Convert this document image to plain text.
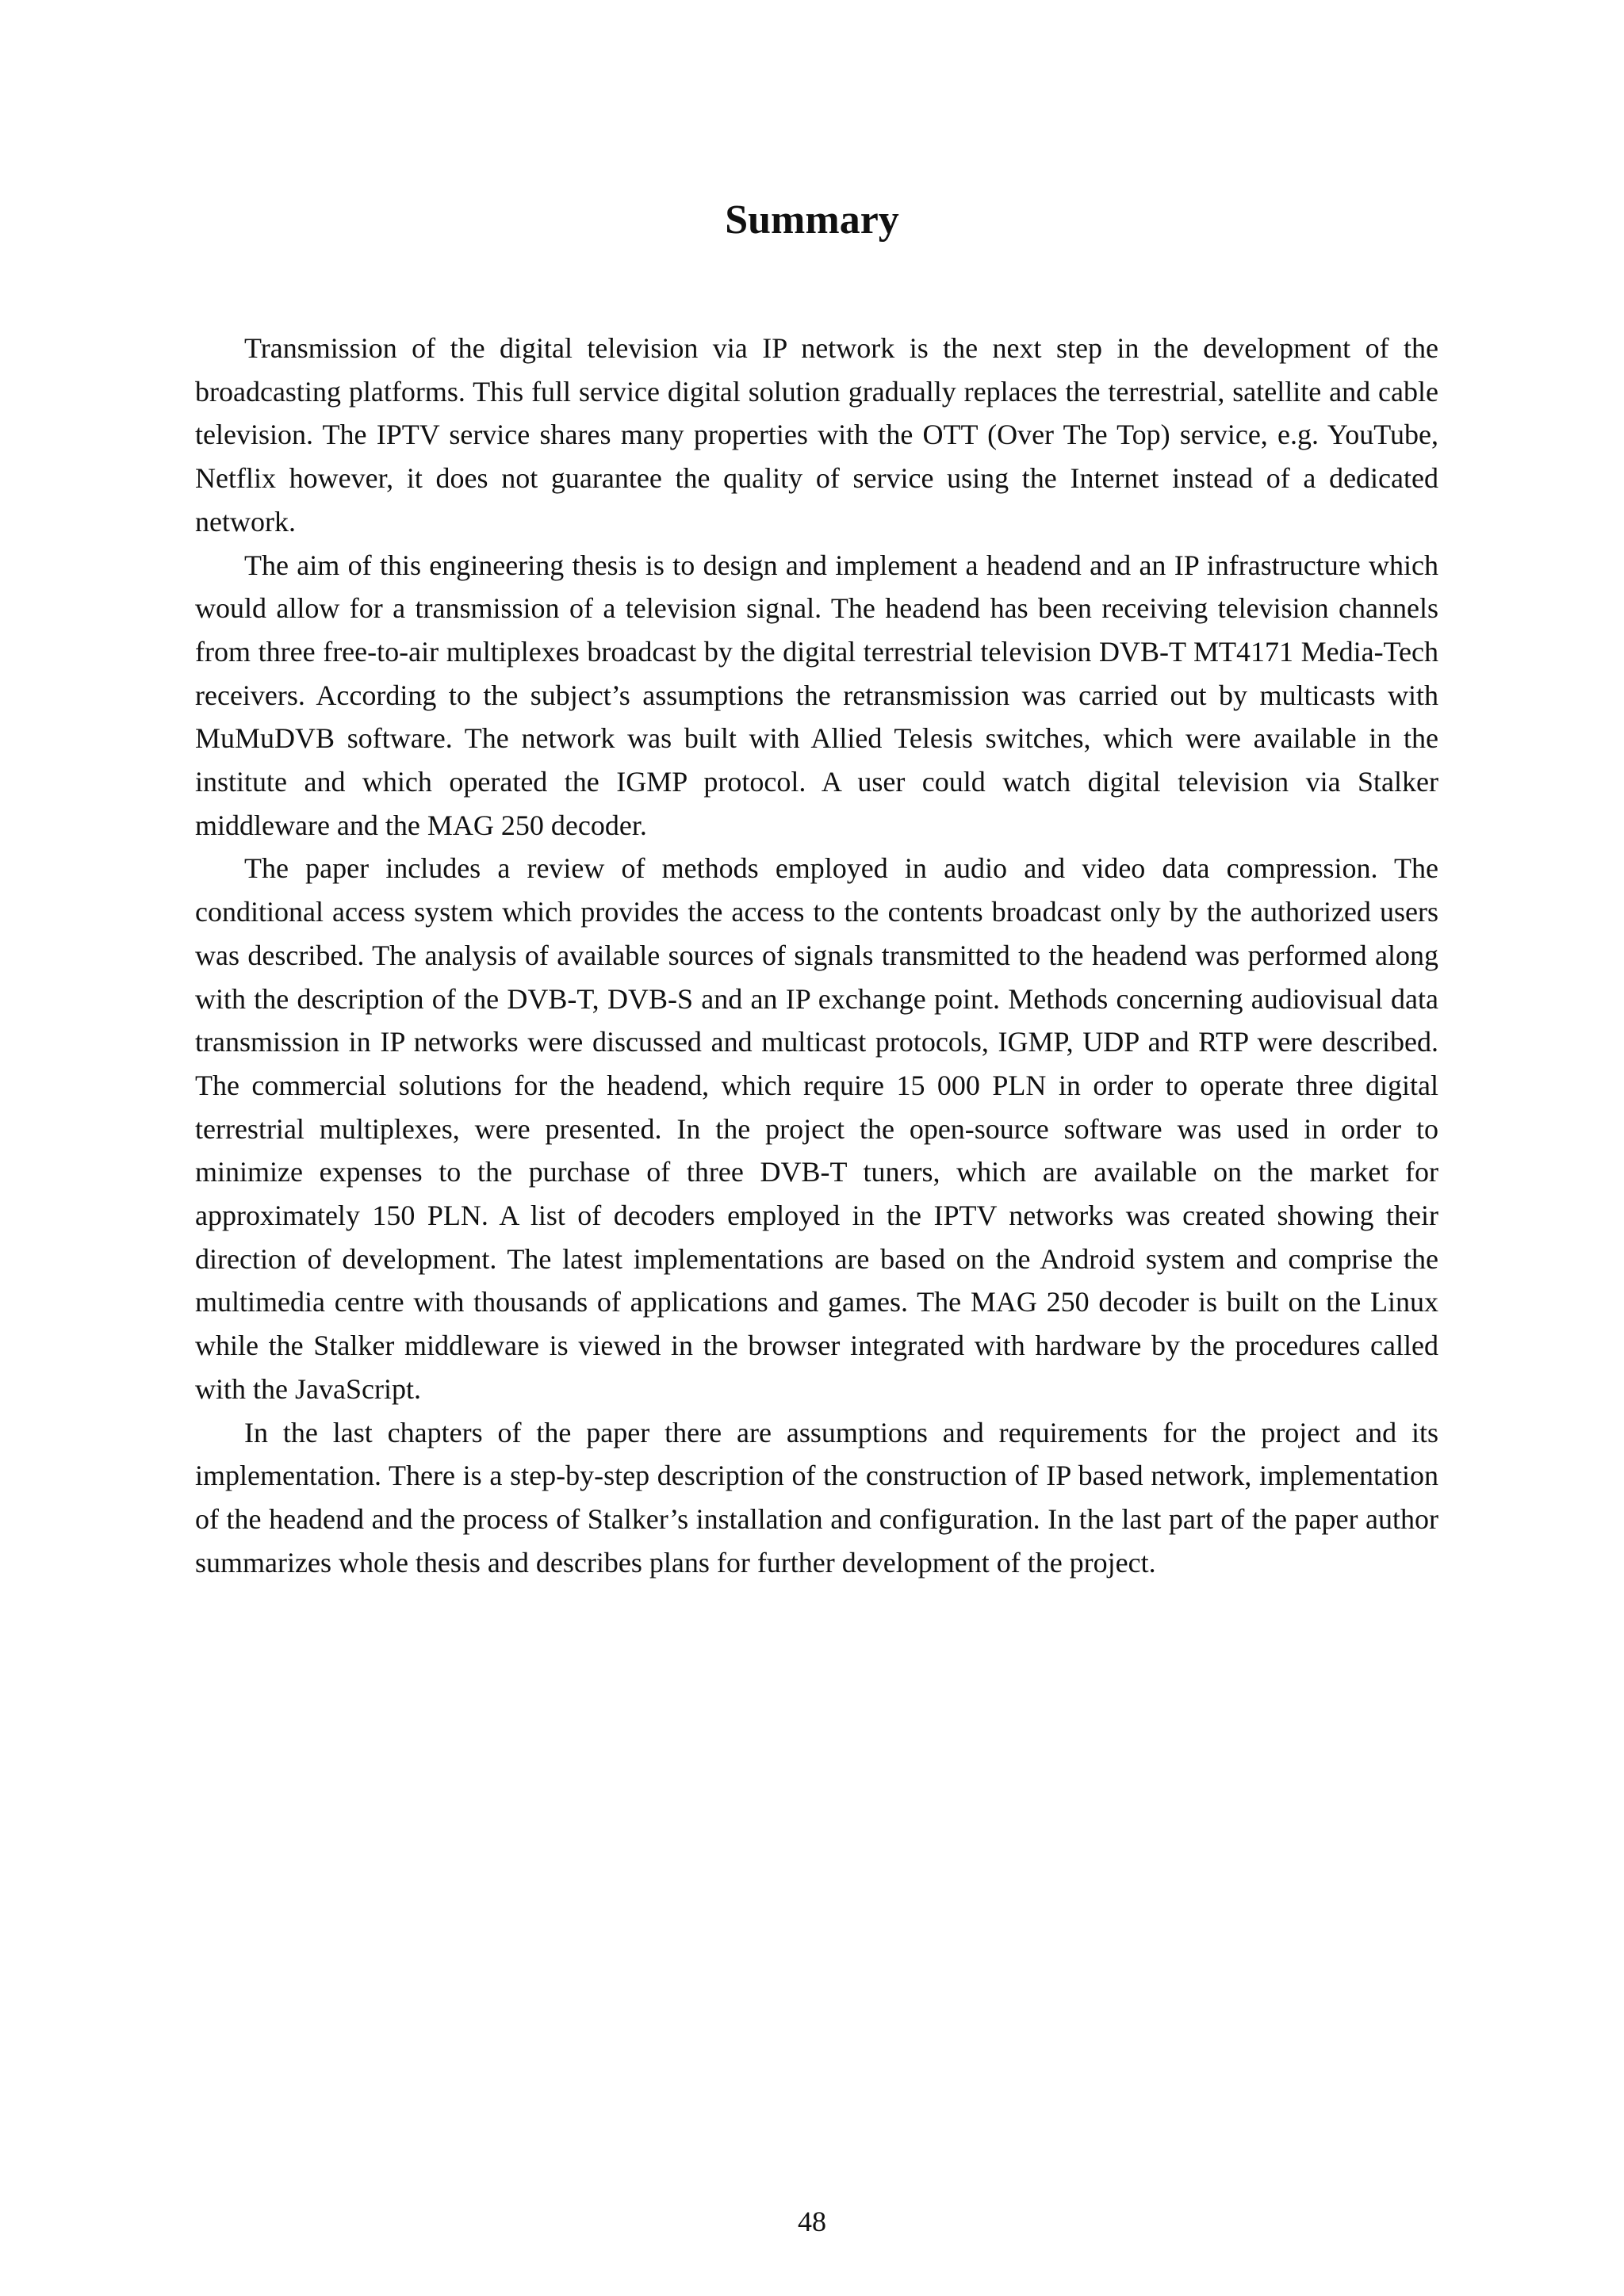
Summary

Transmission of the digital television via IP network is the next step in the development of the broadcasting platforms. This full service digital solution gradually replaces the terrestrial, satellite and cable television. The IPTV service shares many properties with the OTT (Over The Top) service, e.g. YouTube, Netflix however, it does not guarantee the quality of service using the Internet instead of a dedicated network.

The aim of this engineering thesis is to design and implement a headend and an IP infrastructure which would allow for a transmission of a television signal. The headend has been receiving television channels from three free-to-air multiplexes broadcast by the digital terrestrial television DVB-T MT4171 Media-Tech receivers. According to the subject’s assumptions the retransmission was carried out by multicasts with MuMuDVB software. The network was built with Allied Telesis switches, which were available in the institute and which operated the IGMP protocol. A user could watch digital television via Stalker middleware and the MAG 250 decoder.

The paper includes a review of methods employed in audio and video data compression. The conditional access system which provides the access to the contents broadcast only by the authorized users was described. The analysis of available sources of signals transmitted to the headend was performed along with the description of the DVB-T, DVB-S and an IP exchange point. Methods concerning audiovisual data transmission in IP networks were discussed and multicast protocols, IGMP, UDP and RTP were described. The commercial solutions for the headend, which require 15 000 PLN in order to operate three digital terrestrial multiplexes, were presented. In the project the open-source software was used in order to minimize expenses to the purchase of three DVB-T tuners, which are available on the market for approximately 150 PLN. A list of decoders employed in the IPTV networks was created showing their direction of development. The latest implementations are based on the Android system and comprise the multimedia centre with thousands of applications and games. The MAG 250 decoder is built on the Linux while the Stalker middleware is viewed in the browser integrated with hardware by the procedures called with the JavaScript.

In the last chapters of the paper there are assumptions and requirements for the project and its implementation. There is a step-by-step description of the construction of IP based network, implementation of the headend and the process of Stalker’s installation and configuration. In the last part of the paper author summarizes whole thesis and describes plans for further development of the project.

48
